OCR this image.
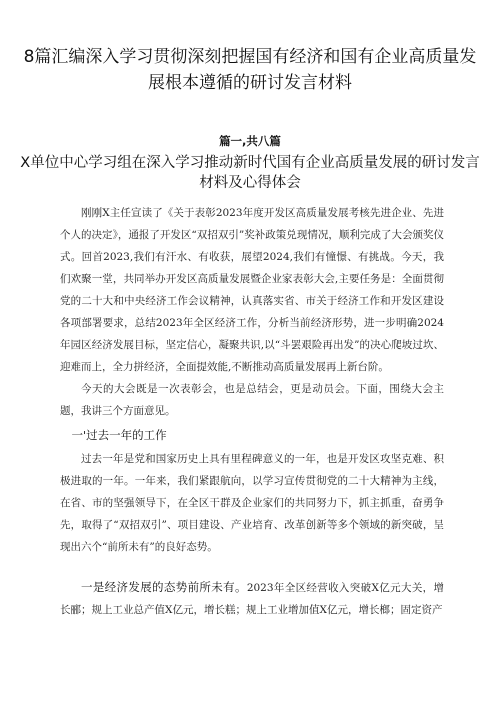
8篇汇编深入学习贯彻深刻把握国有经济和国有企业高质量发展根本遵循的研讨发言材料
篇一,共八篇
X单位中心学习组在深入学习推动新时代国有企业高质量发展的研讨发言材料及心得体会

刚刚X主任宣读了《关于表彰2023年度开发区高质量发展考核先进企业、先进个人的决定》，通报了开发区“双招双引”奖补政策兑现情况，顺利完成了大会颁奖仪式。回首2023,我们有汗水、有收获，展望2024,我们有憧憬、有挑战。今天，我们欢聚一堂，共同举办开发区高质量发展暨企业家表彰大会,主要任务是：全面贯彻党的二十大和中央经济工作会议精神，认真落实省、市关于经济工作和开发区建设各项部署要求，总结2023年全区经济工作，分析当前经济形势，进一步明确2024年园区经济发展目标，坚定信心，凝聚共识,以“斗罢艰险再出发”的决心爬坡过坎、迎难而上，全力拼经济，全面提效能,不断推动高质量发展再上新台阶。

今天的大会既是一次表彰会，也是总结会，更是动员会。下面，围绕大会主题，我讲三个方面意见。

一'过去一年的工作

过去一年是党和国家历史上具有里程碑意义的一年，也是开发区攻坚克难、积极进取的一年。一年来，我们紧跟航向，以学习宣传贯彻党的二十大精神为主线，在省、市的坚强领导下，在全区干群及企业家们的共同努力下，抓主抓重，奋勇争先，取得了“双招双引”、项目建设、产业培育、改革创新等多个领域的新突破，呈现出六个“前所未有”的良好态势。

一是经济发展的态势前所未有。2023年全区经营收入突破X亿元大关，增长郦；规上工业总产值X亿元，增长糕；规上工业增加值X亿元，增长榔；固定资产
